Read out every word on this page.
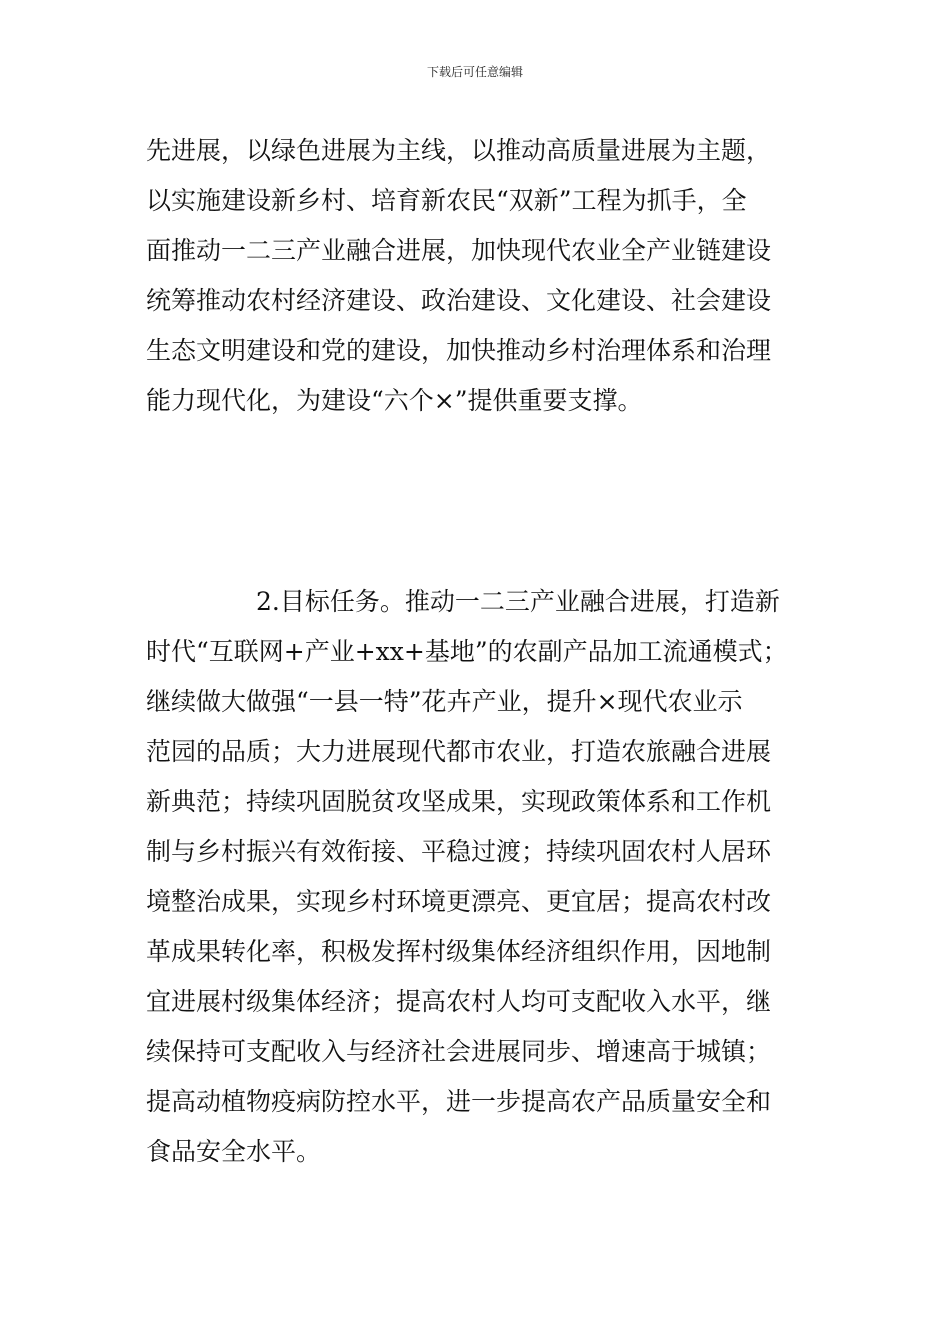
下载后可任意编辑
先进展，以绿色进展为主线，以推动高质量进展为主题，
以实施建设新乡村、培育新农民“双新”工程为抓手，全
面推动一二三产业融合进展，加快现代农业全产业链建设
统筹推动农村经济建设、政治建设、文化建设、社会建设
生态文明建设和党的建设，加快推动乡村治理体系和治理
能力现代化，为建设“六个×”提供重要支撑。
2.目标任务。推动一二三产业融合进展，打造新
时代“互联网+产业+xx+基地”的农副产品加工流通模式；
继续做大做强“一县一特”花卉产业，提升×现代农业示
范园的品质；大力进展现代都市农业，打造农旅融合进展
新典范；持续巩固脱贫攻坚成果，实现政策体系和工作机
制与乡村振兴有效衔接、平稳过渡；持续巩固农村人居环
境整治成果，实现乡村环境更漂亮、更宜居；提高农村改
革成果转化率，积极发挥村级集体经济组织作用，因地制
宜进展村级集体经济；提高农村人均可支配收入水平，继
续保持可支配收入与经济社会进展同步、增速高于城镇；
提高动植物疫病防控水平，进一步提高农产品质量安全和
食品安全水平。
